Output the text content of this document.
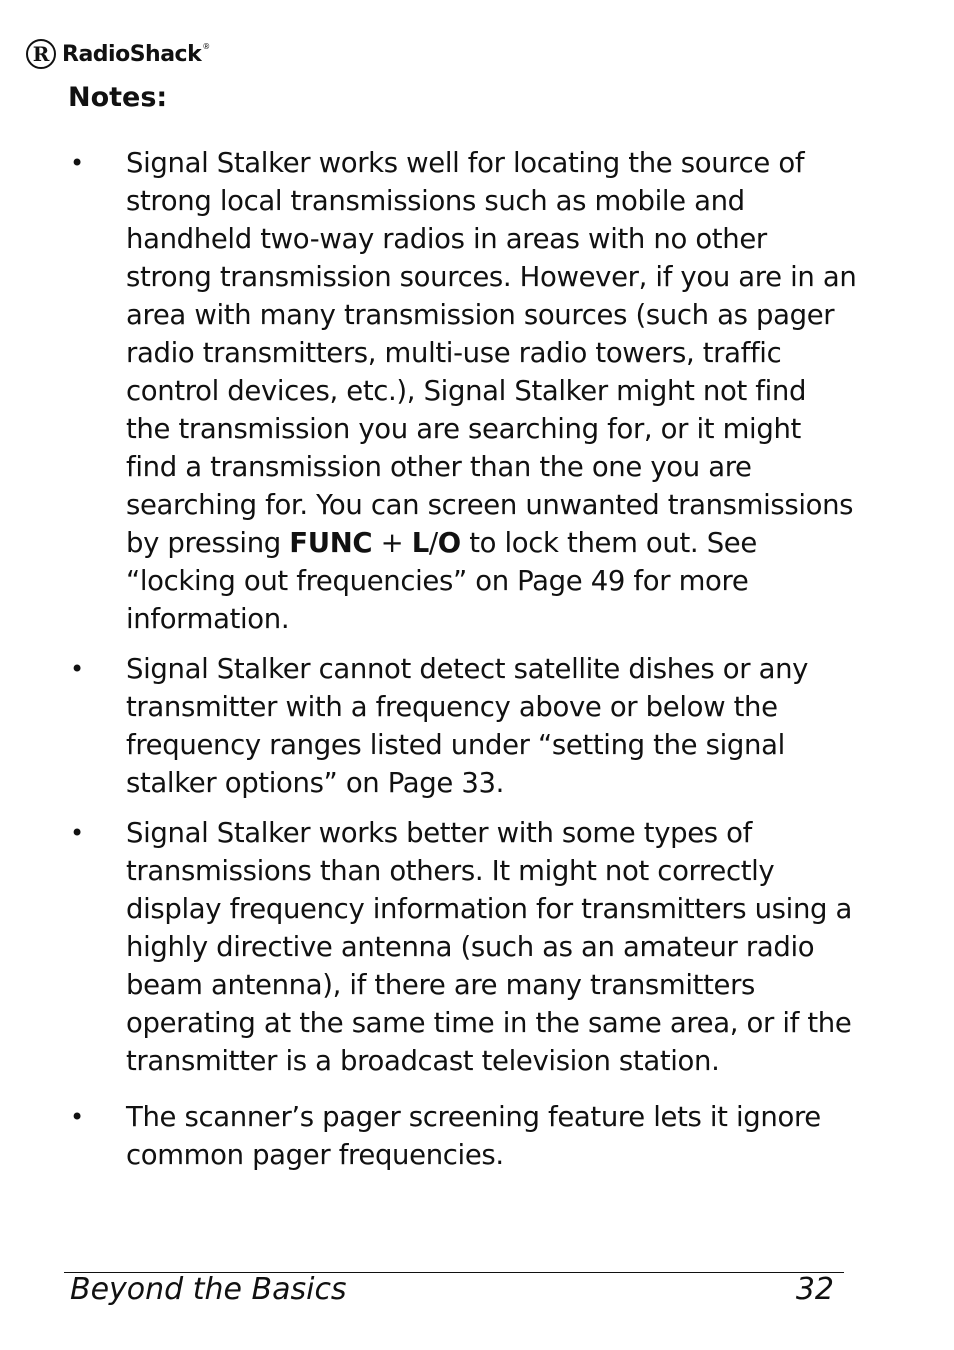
R RadioShack®
Notes:
• Signal Stalker works well for locating the source of strong local transmissions such as mobile and handheld two-way radios in areas with no other strong transmission sources. However, if you are in an area with many transmission sources (such as pager radio transmitters, multi-use radio towers, traffic control devices, etc.), Signal Stalker might not find the transmission you are searching for, or it might find a transmission other than the one you are searching for. You can screen unwanted transmissions by pressing FUNC + L/O to lock them out. See “locking out frequencies” on Page 49 for more information.
• Signal Stalker cannot detect satellite dishes or any transmitter with a frequency above or below the frequency ranges listed under “setting the signal stalker options” on Page 33.
• Signal Stalker works better with some types of transmissions than others. It might not correctly display frequency information for transmitters using a highly directive antenna (such as an amateur radio beam antenna), if there are many transmitters operating at the same time in the same area, or if the transmitter is a broadcast television station.
• The scanner’s pager screening feature lets it ignore common pager frequencies.
Beyond the Basics	32
